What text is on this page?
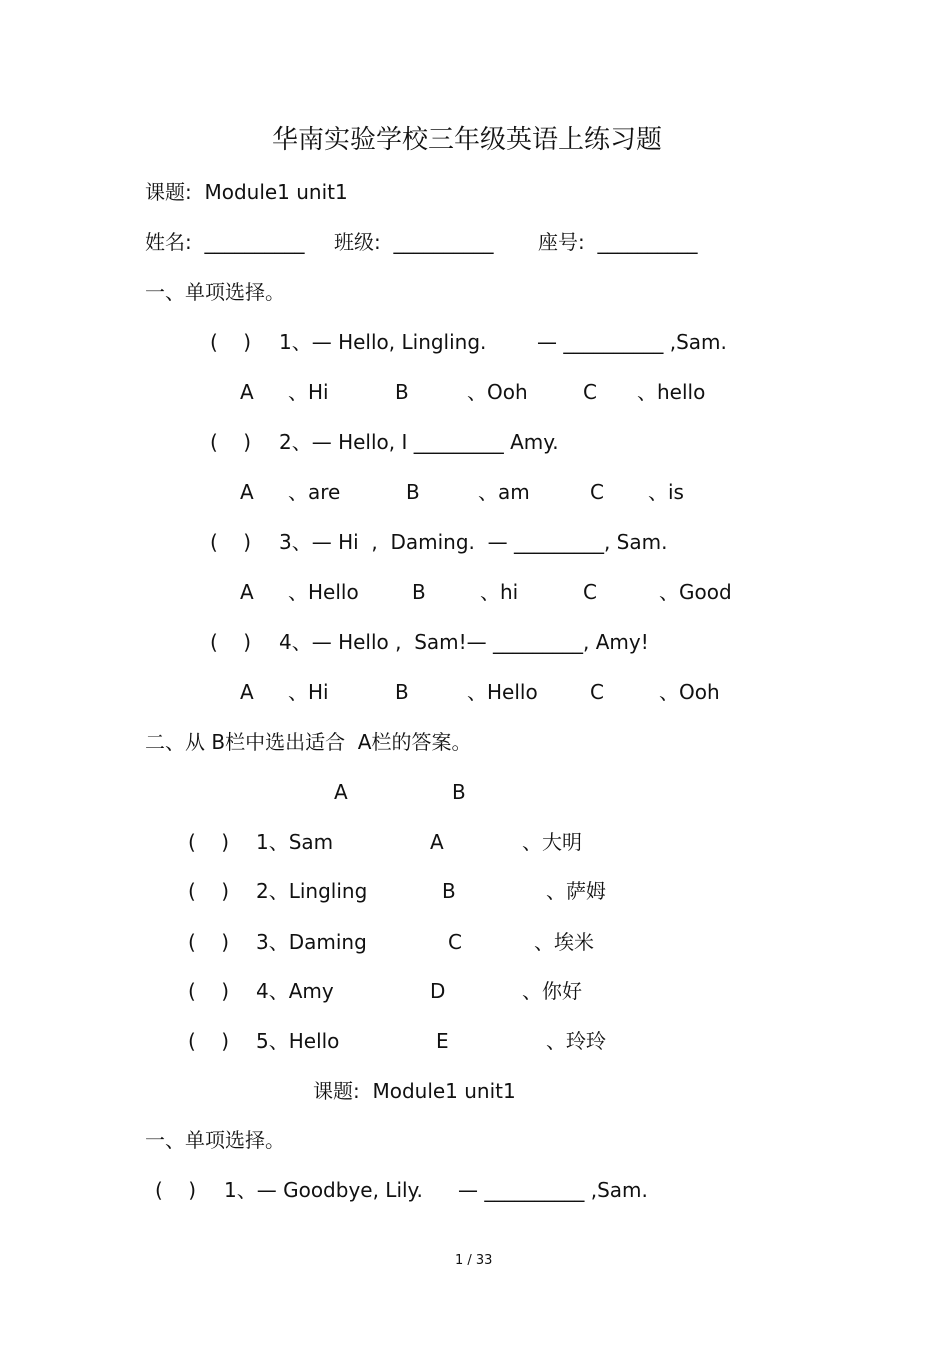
华南实验学校三年级英语上练习题
课题:  Module1 unit1
姓名:  __________ 班级:  __________ 座号:  __________
一、单项选择。
(    ) 1、— Hello, Lingling.	— __________ ,Sam.
A 、Hi	B	、Ooh	C 、hello
(    ) 2、— Hello, I _________ Amy.
A 、are	B	、am	C 、is
(    ) 3、— Hi  ,  Daming.  — _________, Sam.
A 、Hello	B	、hi	C	、Good
(    ) 4、— Hello ,  Sam!— _________, Amy!
A 、Hi	B	、Hello	C	、Ooh
二、从 B栏中选出适合  A栏的答案。
A	B
(    ) 1、Sam	A	、大明
(    ) 2、Lingling	B	、萨姆
(    ) 3、Daming	C	、埃米
(    ) 4、Amy	D	、你好
(    ) 5、Hello	E	、玲玲
课题:  Module1 unit1
一、单项选择。
(    ) 1、— Goodbye, Lily. — __________ ,Sam.
1 / 33
